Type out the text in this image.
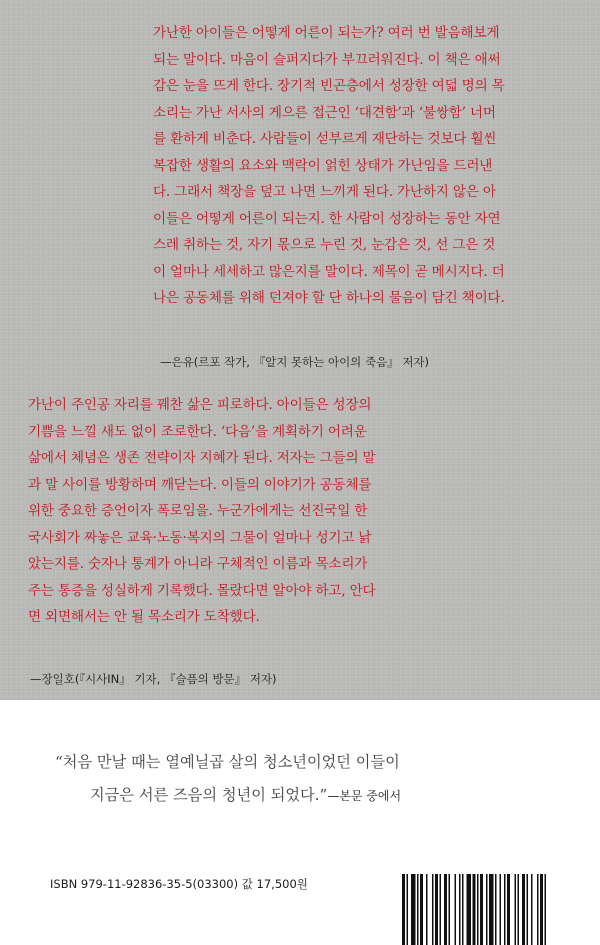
가난한 아이들은 어떻게 어른이 되는가? 여러 번 발음해보게
되는 말이다. 마음이 슬퍼지다가 부끄러워진다. 이 책은 애써
감은 눈을 뜨게 한다. 장기적 빈곤층에서 성장한 여덟 명의 목
소리는 가난 서사의 게으른 접근인 ‘대견함’과 ‘불쌍함’ 너머
를 환하게 비춘다. 사람들이 섣부르게 재단하는 것보다 훨씬
복잡한 생활의 요소와 맥락이 얽힌 상태가 가난임을 드러낸
다. 그래서 책장을 덮고 나면 느끼게 된다. 가난하지 않은 아
이들은 어떻게 어른이 되는지. 한 사람이 성장하는 동안 자연
스레 취하는 것, 자기 몫으로 누린 것, 눈감은 것, 선 그은 것
이 얼마나 세세하고 많은지를 말이다. 제목이 곧 메시지다. 더
나은 공동체를 위해 던져야 할 단 하나의 물음이 담긴 책이다.
—은유(르포 작가, 『알지 못하는 아이의 죽음』 저자)
가난이 주인공 자리를 꿰찬 삶은 피로하다. 아이들은 성장의
기쁨을 느낄 새도 없이 조로한다. ‘다음’을 계획하기 어려운
삶에서 체념은 생존 전략이자 지혜가 된다. 저자는 그들의 말
과 말 사이를 방황하며 깨닫는다. 이들의 이야기가 공동체를
위한 중요한 증언이자 폭로임을. 누군가에게는 선진국일 한
국사회가 짜놓은 교육·노동·복지의 그물이 얼마나 성기고 낡
았는지를. 숫자나 통계가 아니라 구체적인 이름과 목소리가
주는 통증을 성실하게 기록했다. 몰랐다면 알아야 하고, 안다
면 외면해서는 안 될 목소리가 도착했다.
—장일호(『시사IN』 기자, 『슬픔의 방문』 저자)
“처음 만날 때는 열예닐곱 살의 청소년이었던 이들이
지금은 서른 즈음의 청년이 되었다.”—본문 중에서
ISBN 979-11-92836-35-5(03300) 값 17,500원
